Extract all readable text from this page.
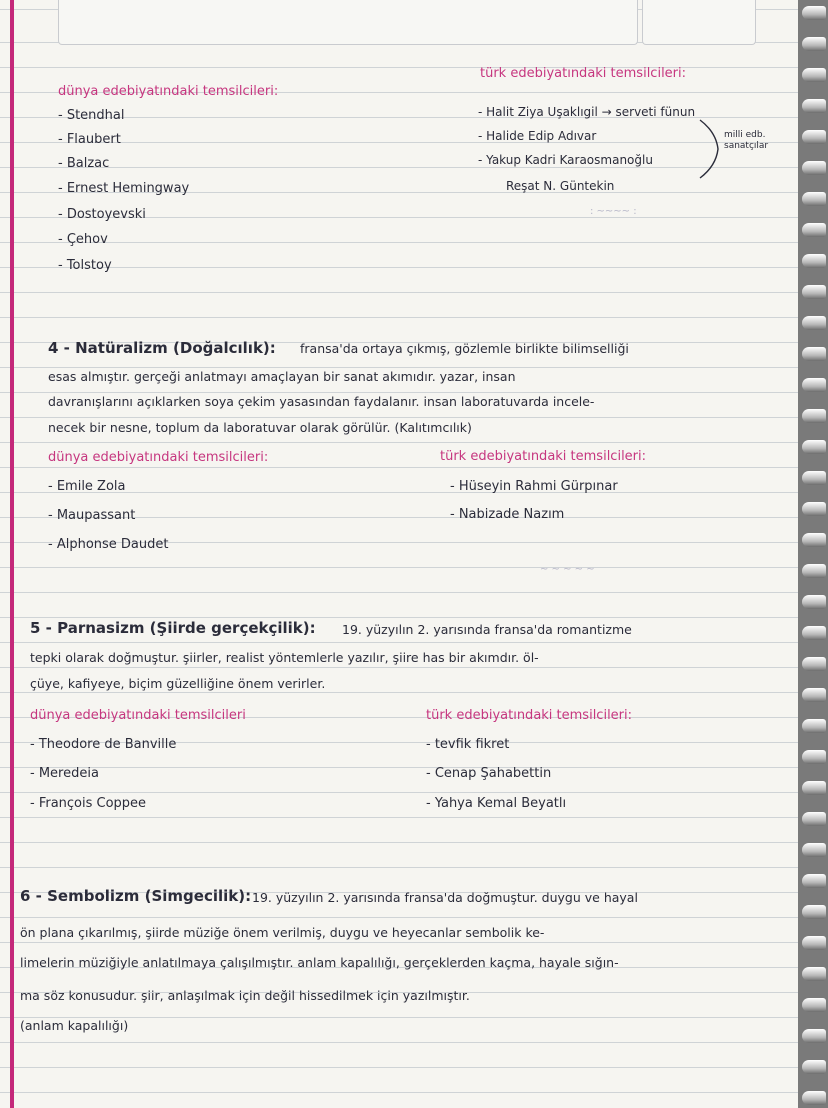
dünya edebiyatındaki temsilcileri:
- Stendhal
- Flaubert
- Balzac
- Ernest Hemingway
- Dostoyevski
- Çehov
- Tolstoy
türk edebiyatındaki temsilcileri:
- Halit Ziya Uşaklıgil → serveti fünun
- Halide Edip Adıvar
- Yakup Kadri Karaosmanoğlu
Reşat N. Güntekin
milli edb. sanatçılar
: ~~~~ :
4 - Natüralizm (Doğalcılık): fransa'da ortaya çıkmış, gözlemle birlikte bilimselliği
esas almıştır. gerçeği anlatmayı amaçlayan bir sanat akımıdır. yazar, insan
davranışlarını açıklarken soya çekim yasasından faydalanır. insan laboratuvarda incele-
necek bir nesne, toplum da laboratuvar olarak görülür. (Kalıtımcılık)
dünya edebiyatındaki temsilcileri:
- Emile Zola
- Maupassant
- Alphonse Daudet
türk edebiyatındaki temsilcileri:
- Hüseyin Rahmi Gürpınar
- Nabizade Nazım
~ ~ ~ ~ ~
5 - Parnasizm (Şiirde gerçekçilik): 19. yüzyılın 2. yarısında fransa'da romantizme
tepki olarak doğmuştur. şiirler, realist yöntemlerle yazılır, şiire has bir akımdır. öl-
çüye, kafiyeye, biçim güzelliğine önem verirler.
dünya edebiyatındaki temsilcileri
- Theodore de Banville
- Meredeia
- François Coppee
türk edebiyatındaki temsilcileri:
- tevfik fikret
- Cenap Şahabettin
- Yahya Kemal Beyatlı
6 - Sembolizm (Simgecilik): 19. yüzyılın 2. yarısında fransa'da doğmuştur. duygu ve hayal
ön plana çıkarılmış, şiirde müziğe önem verilmiş, duygu ve heyecanlar sembolik ke-
limelerin müziğiyle anlatılmaya çalışılmıştır. anlam kapalılığı, gerçeklerden kaçma, hayale sığın-
ma söz konusudur. şiir, anlaşılmak için değil hissedilmek için yazılmıştır.
(anlam kapalılığı)
